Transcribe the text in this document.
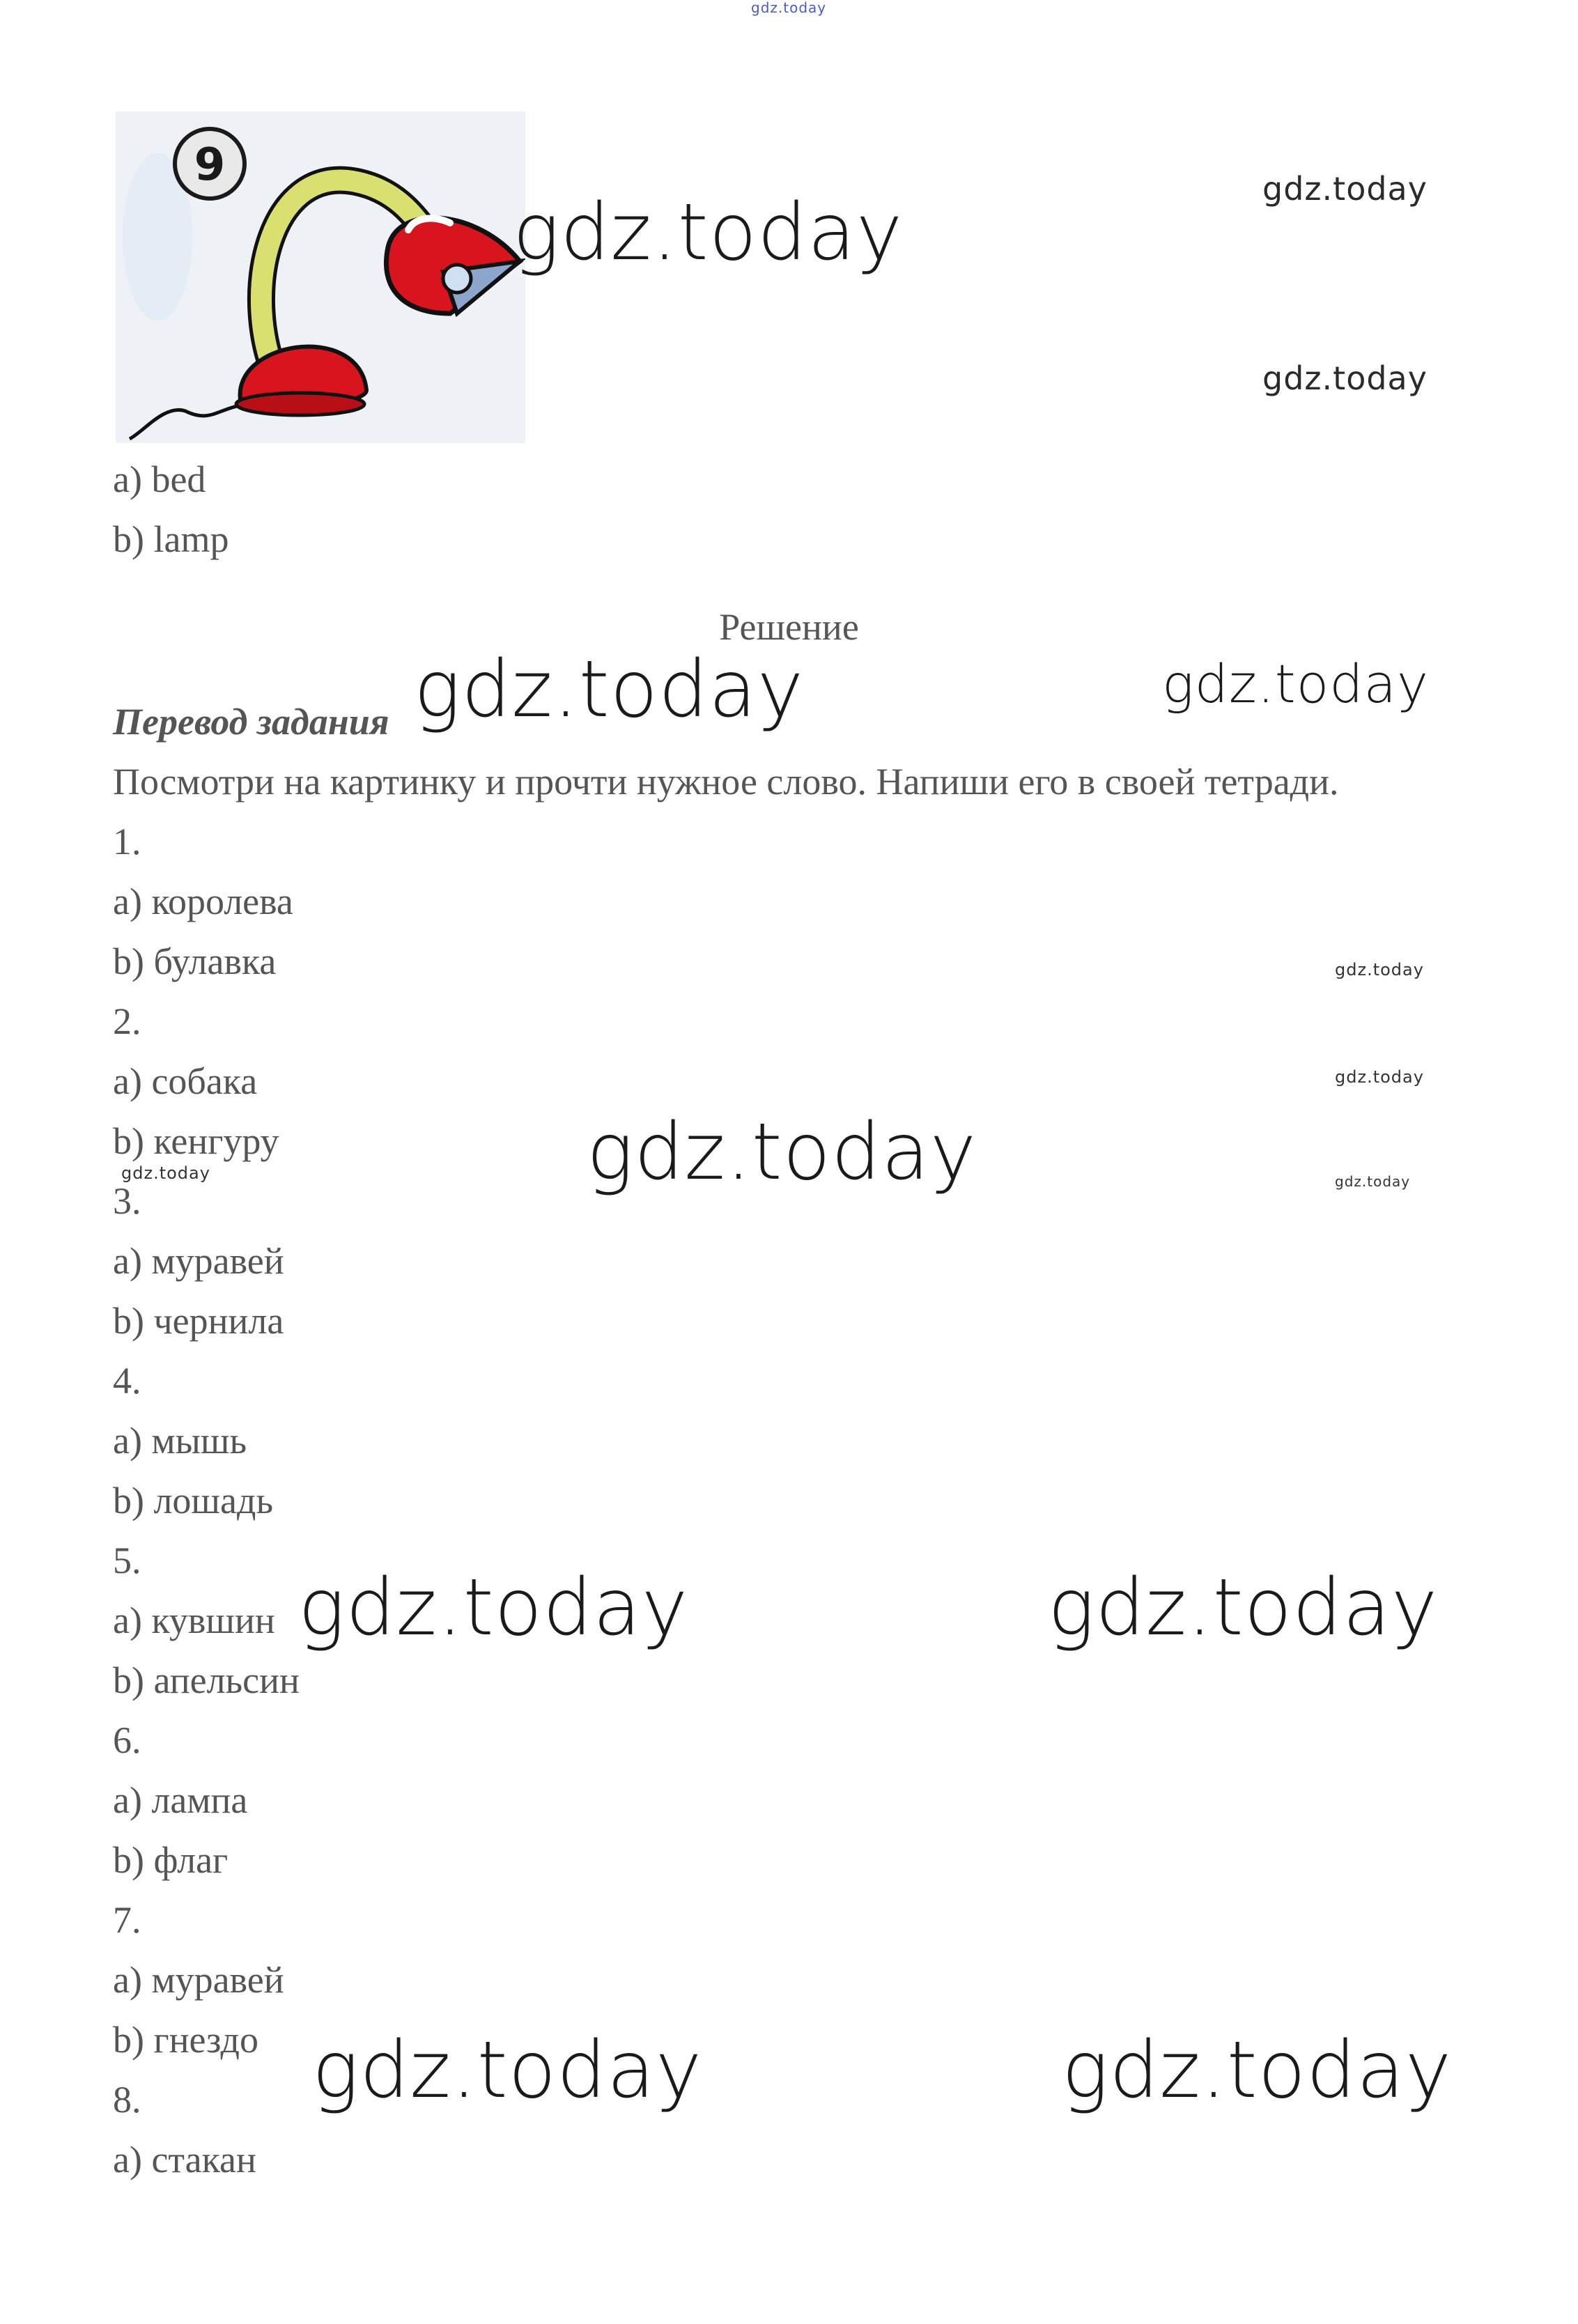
gdz.today
9
gdz.today	gdz.today
gdz.today
a) bed
b) lamp
Решение
gdz.today	gdz.today
Перевод задания
Посмотри на картинку и прочти нужное слово. Напиши его в своей тетради.
1.
a) королева
b) булавка
2.
a) собака
b) кенгуру
3.
a) муравей
b) чернила
4.
a) мышь
b) лошадь
5.
a) кувшин
b) апельсин
6.
a) лампа
b) флаг
7.
a) муравей
b) гнездо
8.
a) стакан
gdz.today
gdz.today
gdz.today	gdz.today
gdz.today
gdz.today	gdz.today
gdz.today	gdz.today
